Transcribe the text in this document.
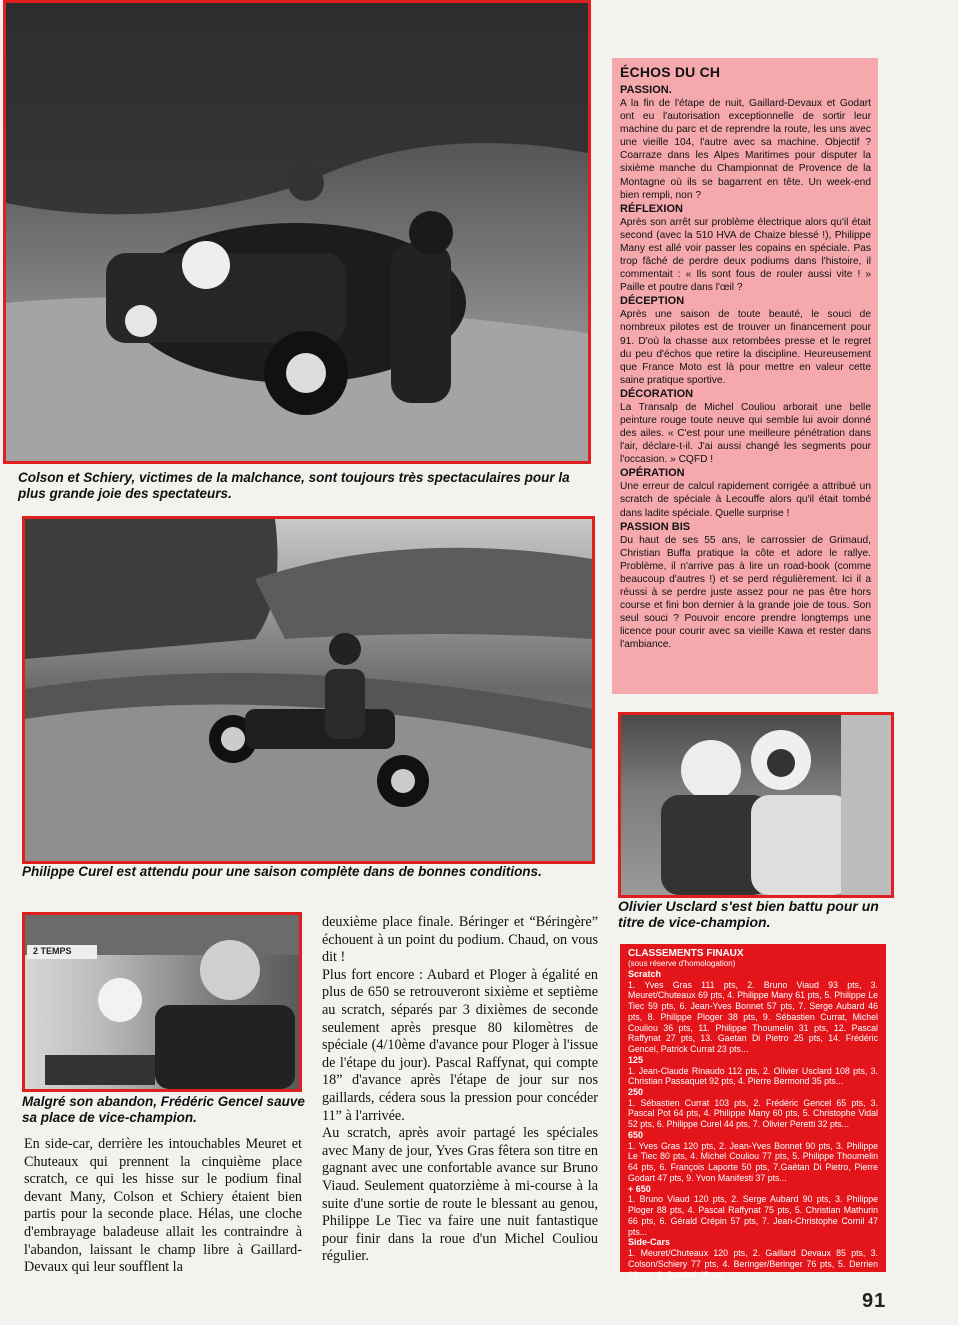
Colson et Schiery, victimes de la malchance, sont toujours très spectaculaires pour la plus grande joie des spectateurs.
Philippe Curel est attendu pour une saison complète dans de bonnes conditions.
2 TEMPS
Malgré son abandon, Frédéric Gencel sauve sa place de vice-champion.
Olivier Usclard s'est bien battu pour un titre de vice-champion.
ÉCHOS DU CH
PASSION.

A la fin de l'étape de nuit, Gaillard-Devaux et Godart ont eu l'autorisation exceptionnelle de sortir leur machine du parc et de reprendre la route, les uns avec une vieille 104, l'autre avec sa machine. Objectif ? Coarraze dans les Alpes Maritimes pour disputer la sixième manche du Championnat de Provence de la Montagne où ils se bagarrent en tête. Un week-end bien rempli, non ?

RÉFLEXION

Après son arrêt sur problème électrique alors qu'il était second (avec la 510 HVA de Chaize blessé !), Philippe Many est allé voir passer les copains en spéciale. Pas trop fâché de perdre deux podiums dans l'histoire, il commentait : « Ils sont fous de rouler aussi vite ! » Paille et poutre dans l'œil ?

DÉCEPTION

Après une saison de toute beauté, le souci de nombreux pilotes est de trouver un financement pour 91. D'où la chasse aux retombées presse et le regret du peu d'échos que retire la discipline. Heureusement que France Moto est là pour mettre en valeur cette saine pratique sportive.

DÉCORATION

La Transalp de Michel Couliou arborait une belle peinture rouge toute neuve qui semble lui avoir donné des ailes. « C'est pour une meilleure pénétration dans l'air, déclare-t-il. J'ai aussi changé les segments pour l'occasion. » CQFD !

OPÉRATION

Une erreur de calcul rapidement corrigée a attribué un scratch de spéciale à Lecouffe alors qu'il était tombé dans ladite spéciale. Quelle surprise !

PASSION BIS

Du haut de ses 55 ans, le carrossier de Grimaud, Christian Buffa pratique la côte et adore le rallye. Problème, il n'arrive pas à lire un road-book (comme beaucoup d'autres !) et se perd régulièrement. Ici il a réussi à se perdre juste assez pour ne pas être hors course et fini bon dernier à la grande joie de tous. Son seul souci ? Pouvoir encore prendre longtemps une licence pour courir avec sa vieille Kawa et rester dans l'ambiance.

En side-car, derrière les intouchables Meuret et Chuteaux qui prennent la cinquième place scratch, ce qui les hisse sur le podium final devant Many, Colson et Schiery étaient bien partis pour la seconde place. Hélas, une cloche d'embrayage baladeuse allait les contraindre à l'abandon, laissant le champ libre à Gaillard-Devaux qui leur soufflent la

deuxième place finale. Béringer et “Béringère” échouent à un point du podium. Chaud, on vous dit !

Plus fort encore : Aubard et Ploger à égalité en plus de 650 se retrouveront sixième et septième au scratch, séparés par 3 dixièmes de seconde seulement après presque 80 kilomètres de spéciale (4/10ème d'avance pour Ploger à l'issue de l'étape du jour). Pascal Raffynat, qui compte 18” d'avance après l'étape de jour sur nos gaillards, cédera sous la pression pour concéder 11” à l'arrivée.

Au scratch, après avoir partagé les spéciales avec Many de jour, Yves Gras fêtera son titre en gagnant avec une confortable avance sur Bruno Viaud. Seulement quatorzième à mi-course à la suite d'une sortie de route le blessant au genou, Philippe Le Tiec va faire une nuit fantastique pour finir dans la roue d'un Michel Couliou régulier.

CLASSEMENTS FINAUX
(sous réserve d'homologation)
Scratch
1. Yves Gras 111 pts, 2. Bruno Viaud 93 pts, 3. Meuret/Chuteaux 69 pts, 4. Philippe Many 61 pts, 5. Philippe Le Tiec 59 pts, 6. Jean-Yves Bonnet 57 pts, 7. Serge Aubard 46 pts, 8. Philippe Ploger 38 pts, 9. Sébastien Currat, Michel Couliou 36 pts, 11. Philippe Thoumelin 31 pts, 12. Pascal Raffynat 27 pts, 13. Gaetan Di Pietro 25 pts, 14. Frédéric Gencel, Patrick Currat 23 pts...
125
1. Jean-Claude Rinaudo 112 pts, 2. Olivier Usclard 108 pts, 3. Christian Passaquet 92 pts, 4. Pierre Bermond 35 pts...
250
1. Sébastien Currat 103 pts, 2. Frédéric Gencel 65 pts, 3. Pascal Pot 64 pts, 4. Philippe Many 60 pts, 5. Christophe Vidal 52 pts, 6. Philippe Curel 44 pts, 7. Olivier Peretti 32 pts...
650
1. Yves Gras 120 pts, 2. Jean-Yves Bonnet 90 pts, 3. Philippe Le Tiec 80 pts, 4. Michel Couliou 77 pts, 5. Philippe Thoumelin 64 pts, 6. François Laporte 50 pts, 7.Gaëtan Di Pietro, Pierre Godart 47 pts, 9. Yvon Manifesti 37 pts...
+ 650
1. Bruno Viaud 120 pts, 2. Serge Aubard 90 pts, 3. Philippe Ploger 88 pts, 4. Pascal Raffynat 75 pts, 5. Christian Mathurin 66 pts, 6. Gérald Crépin 57 pts, 7. Jean-Christophe Cornil 47 pts...
Side-Cars
1. Meuret/Chuteaux 120 pts, 2. Gaillard Devaux 85 pts, 3. Colson/Schiery 77 pts, 4. Beringer/Beringer 76 pts, 5. Derrien 63 pts, 6. Scuderi 48 pts...
91
